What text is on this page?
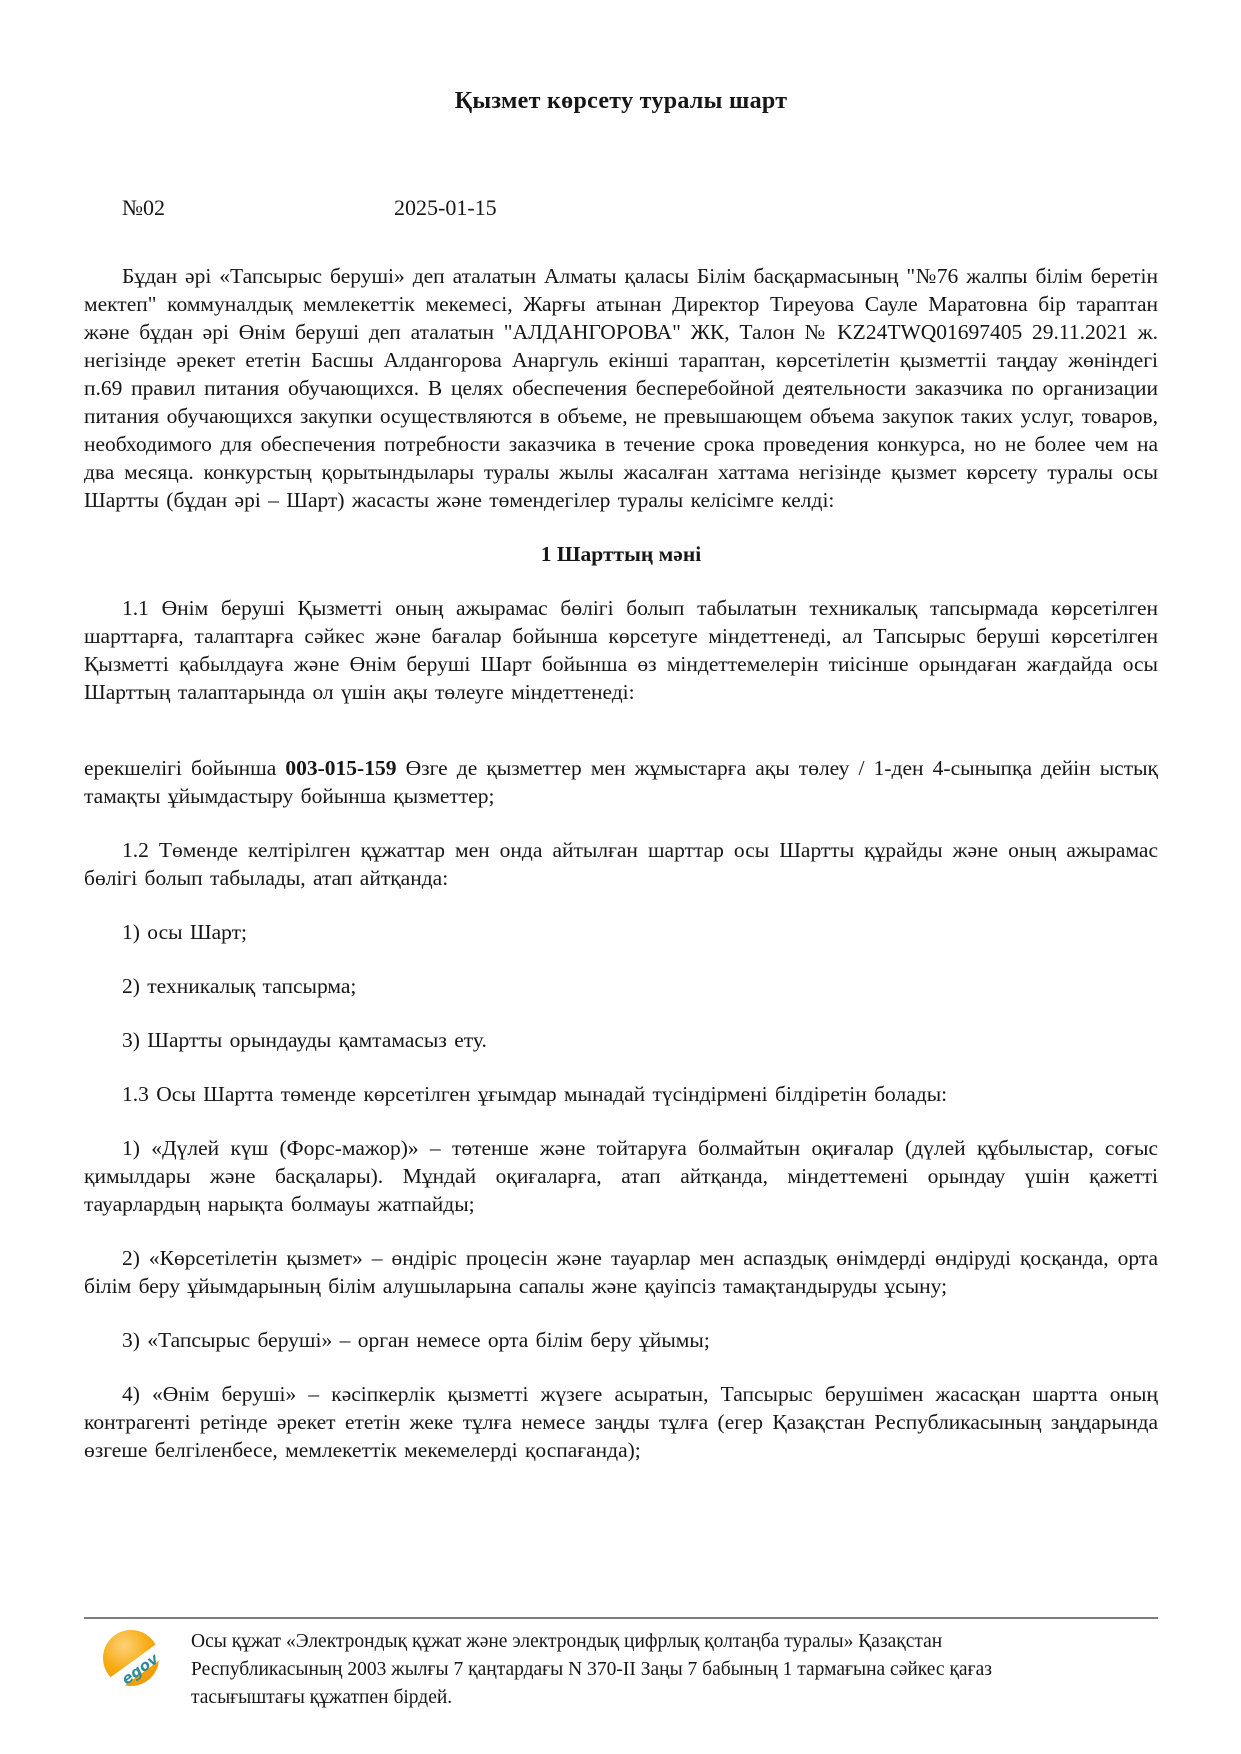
Қызмет көрсету туралы шарт
№02	2025-01-15

Бұдан әрі «Тапсырыс беруші» деп аталатын Алматы қаласы Білім басқармасының "№76 жалпы білім беретін мектеп" коммуналдық мемлекеттік мекемесі, Жарғы атынан Директор Тиреуова Сауле Маратовна бір тараптан және бұдан әрі Өнім беруші деп аталатын "АЛДАНГОРОВА" ЖК, Талон № KZ24TWQ01697405 29.11.2021 ж. негізінде әрекет ететін Басшы Алдангорова Анаргуль екінші тараптан, көрсетілетін қызметтіі таңдау жөніндегі п.69 правил питания обучающихся. В целях обеспечения бесперебойной деятельности заказчика по организации питания обучающихся закупки осуществляются в объеме, не превышающем объема закупок таких услуг, товаров, необходимого для обеспечения потребности заказчика в течение срока проведения конкурса, но не более чем на два месяца. конкурстың қорытындылары туралы жылы жасалған хаттама негізінде қызмет көрсету туралы осы Шартты (бұдан әрі – Шарт) жасасты және төмендегілер туралы келісімге келді:

1 Шарттың мәні

1.1 Өнім беруші Қызметті оның ажырамас бөлігі болып табылатын техникалық тапсырмада көрсетілген шарттарға, талаптарға сәйкес және бағалар бойынша көрсетуге міндеттенеді, ал Тапсырыс беруші көрсетілген Қызметті қабылдауға және Өнім беруші Шарт бойынша өз міндеттемелерін тиісінше орындаған жағдайда осы Шарттың талаптарында ол үшін ақы төлеуге міндеттенеді:

ерекшелігі бойынша 003-015-159 Өзге де қызметтер мен жұмыстарға ақы төлеу / 1-ден 4-сыныпқа дейін ыстық тамақты ұйымдастыру бойынша қызметтер;

1.2 Төменде келтірілген құжаттар мен онда айтылған шарттар осы Шартты құрайды және оның ажырамас бөлігі болып табылады, атап айтқанда:

1) осы Шарт;

2) техникалық тапсырма;

3) Шартты орындауды қамтамасыз ету.

1.3 Осы Шартта төменде көрсетілген ұғымдар мынадай түсіндірмені білдіретін болады:

1) «Дүлей күш (Форс-мажор)» – төтенше және тойтаруға болмайтын оқиғалар (дүлей құбылыстар, соғыс қимылдары және басқалары). Мұндай оқиғаларға, атап айтқанда, міндеттемені орындау үшін қажетті тауарлардың нарықта болмауы жатпайды;

2) «Көрсетілетін қызмет» – өндіріс процесін және тауарлар мен аспаздық өнімдерді өндіруді қосқанда, орта білім беру ұйымдарының білім алушыларына сапалы және қауіпсіз тамақтандыруды ұсыну;

3) «Тапсырыс беруші» – орган немесе орта білім беру ұйымы;

4) «Өнім беруші» – кәсіпкерлік қызметті жүзеге асыратын, Тапсырыс берушімен жасасқан шартта оның контрагенті ретінде әрекет ететін жеке тұлға немесе заңды тұлға (егер Қазақстан Республикасының заңдарында өзгеше белгіленбесе, мемлекеттік мекемелерді қоспағанда);

egov
Осы құжат «Электрондық құжат және электрондық цифрлық қолтаңба туралы» Қазақстан
Республикасының 2003 жылғы 7 қаңтардағы N 370-II Заңы 7 бабының 1 тармағына сәйкес қағаз
тасығыштағы құжатпен бірдей.
